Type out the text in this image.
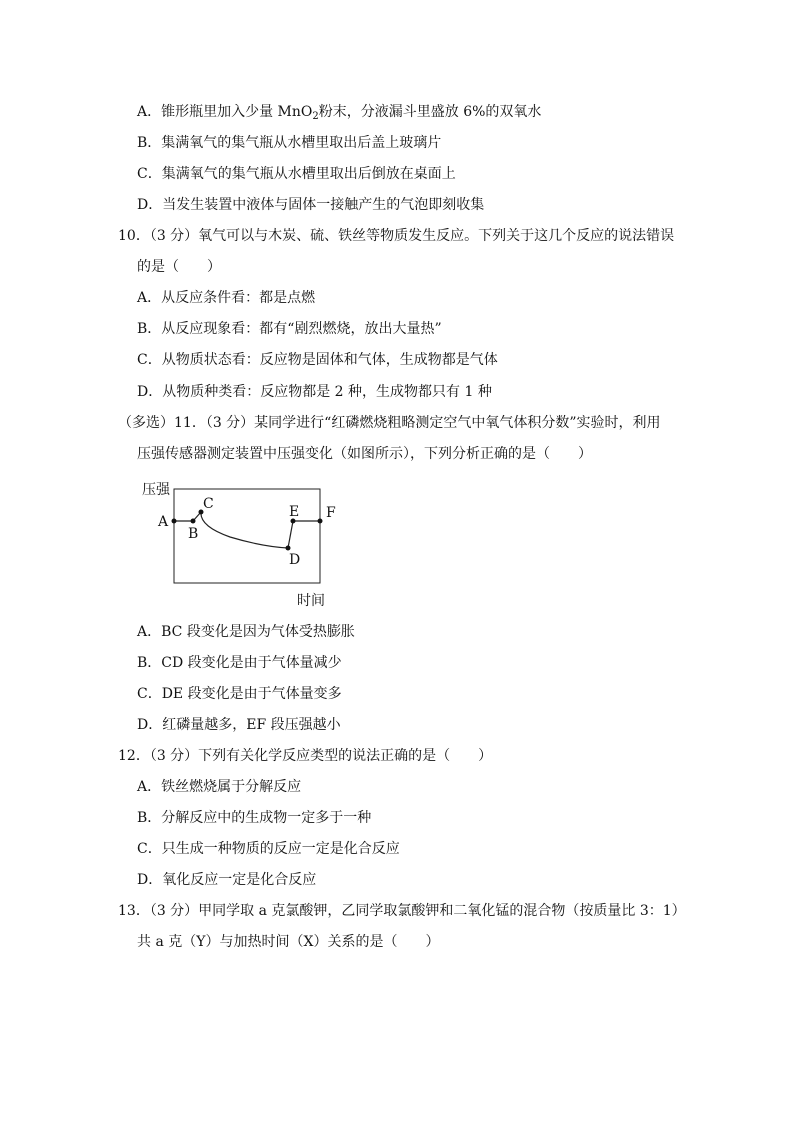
A．锥形瓶里加入少量 MnO$_2$粉末，分液漏斗里盛放 6%的双氧水
B．集满氧气的集气瓶从水槽里取出后盖上玻璃片
C．集满氧气的集气瓶从水槽里取出后倒放在桌面上
D．当发生装置中液体与固体一接触产生的气泡即刻收集
10．（3 分）氧气可以与木炭、硫、铁丝等物质发生反应。下列关于这几个反应的说法错误
的是（　　）
A．从反应条件看：都是点燃
B．从反应现象看：都有“剧烈燃烧，放出大量热”
C．从物质状态看：反应物是固体和气体，生成物都是气体
D．从物质种类看：反应物都是 2 种，生成物都只有 1 种
（多选）11．（3 分）某同学进行“红磷燃烧粗略测定空气中氧气体积分数”实验时，利用
压强传感器测定装置中压强变化（如图所示），下列分析正确的是（　　）
压强
时间
A
B
C
D
E F
A．BC 段变化是因为气体受热膨胀
B．CD 段变化是由于气体量减少
C．DE 段变化是由于气体量变多
D．红磷量越多，EF 段压强越小
12．（3 分）下列有关化学反应类型的说法正确的是（　　）
A．铁丝燃烧属于分解反应
B．分解反应中的生成物一定多于一种
C．只生成一种物质的反应一定是化合反应
D．氧化反应一定是化合反应
13．（3 分）甲同学取 a 克氯酸钾，乙同学取氯酸钾和二氧化锰的混合物（按质量比 3：1）
共 a 克（Y）与加热时间（X）关系的是（　　）
